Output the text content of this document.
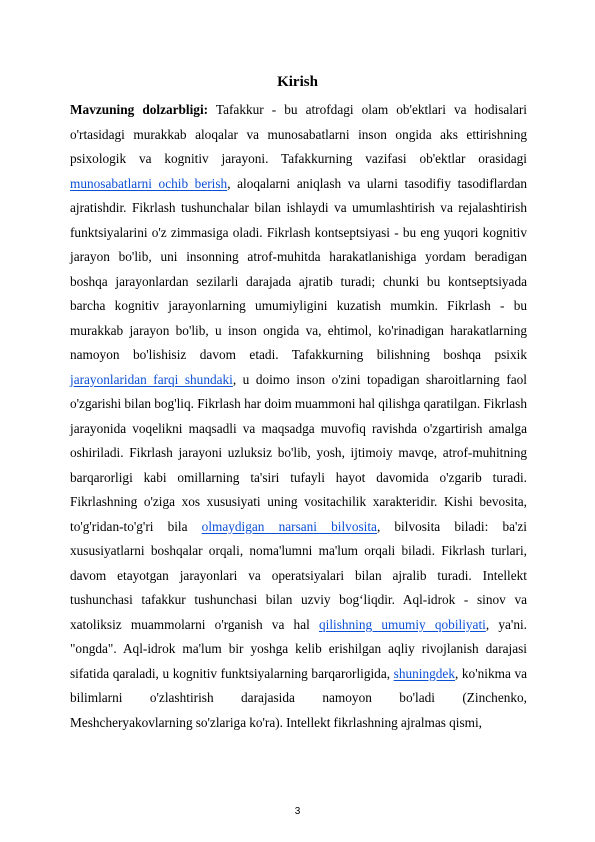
Kirish

Mavzuning dolzarbligi: Tafakkur - bu atrofdagi olam ob'ektlari va hodisalari o'rtasidagi murakkab aloqalar va munosabatlarni inson ongida aks ettirishning psixologik va kognitiv jarayoni. Tafakkurning vazifasi ob'ektlar orasidagi munosabatlarni ochib berish, aloqalarni aniqlash va ularni tasodifiy tasodiflardan ajratishdir. Fikrlash tushunchalar bilan ishlaydi va umumlashtirish va rejalashtirish funktsiyalarini o'z zimmasiga oladi. Fikrlash kontseptsiyasi - bu eng yuqori kognitiv jarayon bo'lib, uni insonning atrof-muhitda harakatlanishiga yordam beradigan boshqa jarayonlardan sezilarli darajada ajratib turadi; chunki bu kontseptsiyada barcha kognitiv jarayonlarning umumiyligini kuzatish mumkin. Fikrlash - bu murakkab jarayon bo'lib, u inson ongida va, ehtimol, ko'rinadigan harakatlarning namoyon bo'lishisiz davom etadi. Tafakkurning bilishning boshqa psixik jarayonlaridan farqi shundaki, u doimo inson o'zini topadigan sharoitlarning faol o'zgarishi bilan bog'liq. Fikrlash har doim muammoni hal qilishga qaratilgan. Fikrlash jarayonida voqelikni maqsadli va maqsadga muvofiq ravishda o'zgartirish amalga oshiriladi. Fikrlash jarayoni uzluksiz bo'lib, yosh, ijtimoiy mavqe, atrof-muhitning barqarorligi kabi omillarning ta'siri tufayli hayot davomida o'zgarib turadi. Fikrlashning o'ziga xos xususiyati uning vositachilik xarakteridir. Kishi bevosita, to'g'ridan-to'g'ri bila olmaydigan narsani bilvosita, bilvosita biladi: ba'zi xususiyatlarni boshqalar orqali, noma'lumni ma'lum orqali biladi. Fikrlash turlari, davom etayotgan jarayonlari va operatsiyalari bilan ajralib turadi. Intellekt tushunchasi tafakkur tushunchasi bilan uzviy bog‘liqdir. Aql-idrok - sinov va xatoliksiz muammolarni o'rganish va hal qilishning umumiy qobiliyati, ya'ni. "ongda". Aql-idrok ma'lum bir yoshga kelib erishilgan aqliy rivojlanish darajasi sifatida qaraladi, u kognitiv funktsiyalarning barqarorligida, shuningdek, ko'nikma va bilimlarni o'zlashtirish darajasida namoyon bo'ladi (Zinchenko, Meshcheryakovlarning so'zlariga ko'ra). Intellekt fikrlashning ajralmas qismi,

3
